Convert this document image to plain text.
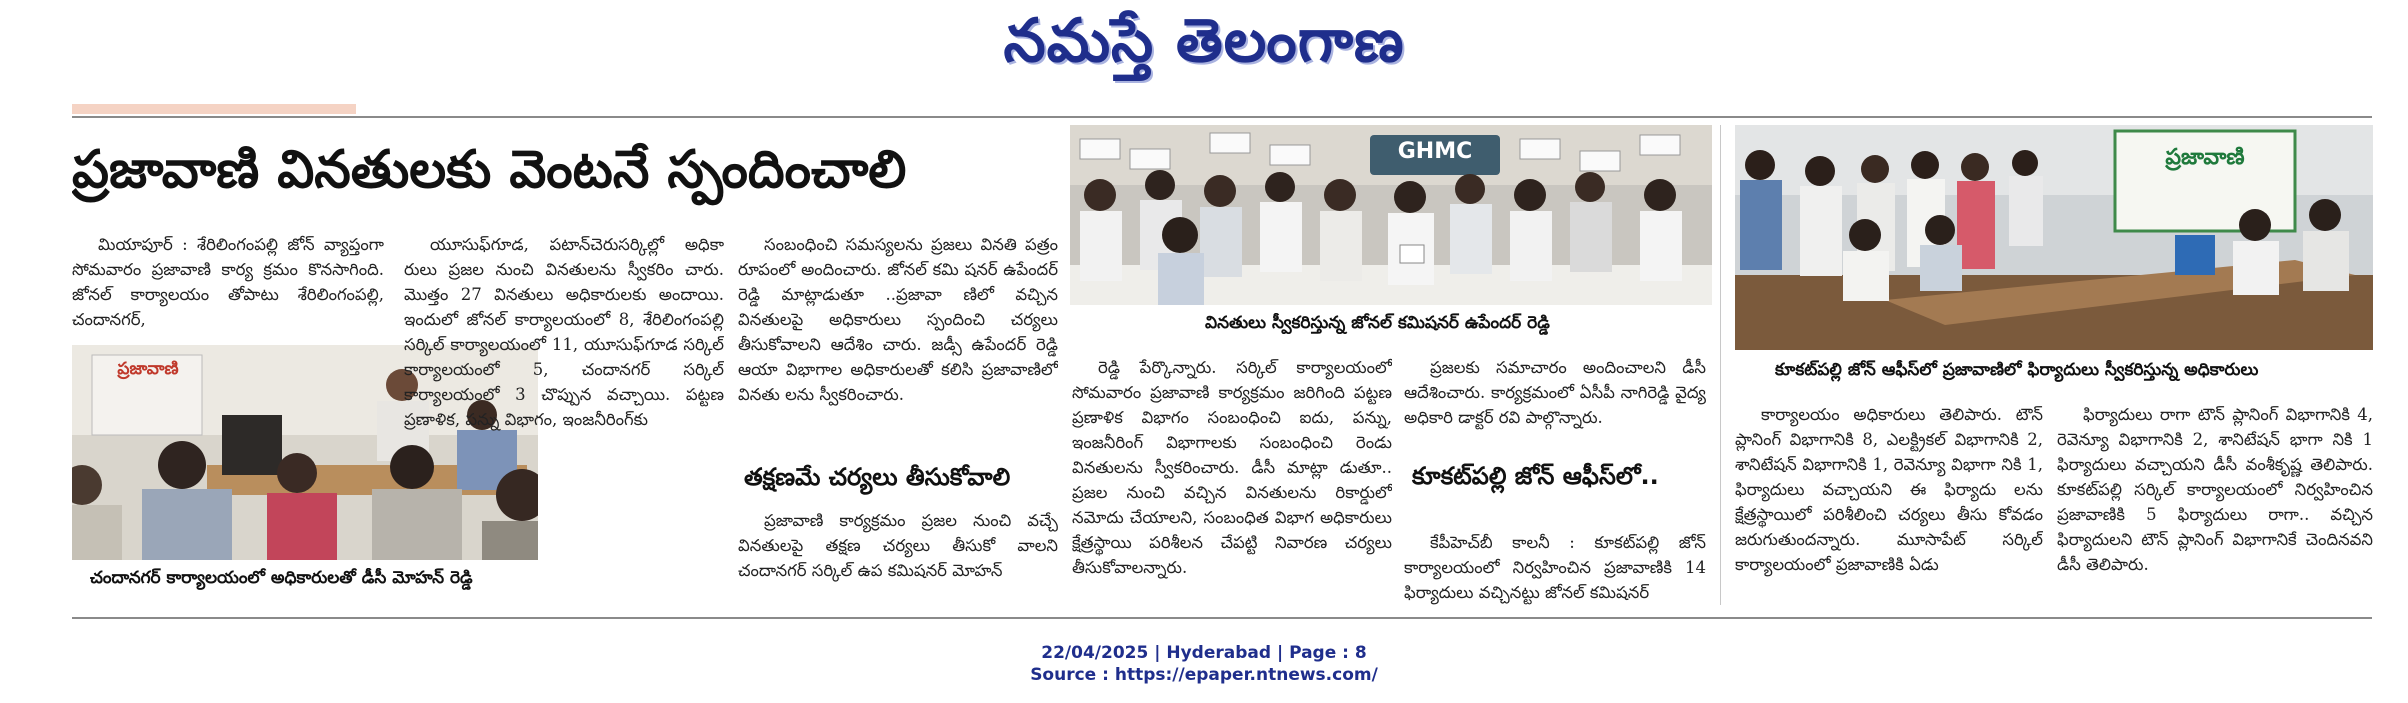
నమస్తే తెలంగాణ
ప్రజావాణి వినతులకు వెంటనే స్పందించాలి

మియాపూర్ : శేరిలింగంపల్లి జోన్ వ్యాప్తంగా సోమవారం ప్రజావాణి కార్య క్రమం కొనసాగింది. జోనల్ కార్యాలయం తోపాటు శేరిలింగంపల్లి, చందానగర్,

ప్రజావాణి
చందానగర్ కార్యాలయంలో అధికారులతో డీసీ మోహన్ రెడ్డి

యూసుఫ్‌గూడ, పటాన్‌చెరుసర్కిల్లో అధికా రులు ప్రజల నుంచి వినతులను స్వీకరిం చారు. మొత్తం 27 వినతులు అధికారులకు అందాయి. ఇందులో జోనల్ కార్యాలయంలో 8, శేరిలింగంపల్లి సర్కిల్ కార్యాలయంలో 11, యూసుఫ్‌గూడ సర్కిల్ కార్యాలయంలో 5, చందానగర్ సర్కిల్ కార్యాలయంలో 3 చొప్పున వచ్చాయి. పట్టణ ప్రణాళిక, పన్ను విభాగం, ఇంజనీరింగ్‌కు

సంబంధించి సమస్యలను ప్రజలు వినతి పత్రం రూపంలో అందించారు. జోనల్ కమి షనర్ ఉపేందర్ రెడ్డి మాట్లాడుతూ ..ప్రజావా ణిలో వచ్చిన వినతులపై అధికారులు స్పందించి చర్యలు తీసుకోవాలని ఆదేశిం చారు. జడ్సీ ఉపేందర్ రెడ్డి ఆయా విభాగాల అధికారులతో కలిసి ప్రజావాణిలో వినతు లను స్వీకరించారు.

తక్షణమే చర్యలు తీసుకోవాలి

ప్రజావాణి కార్యక్రమం ప్రజల నుంచి వచ్చే వినతులపై తక్షణ చర్యలు తీసుకో వాలని చందానగర్ సర్కిల్ ఉప కమిషనర్ మోహన్

GHMC
వినతులు స్వీకరిస్తున్న జోనల్ కమిషనర్ ఉపేందర్ రెడ్డి

రెడ్డి పేర్కొన్నారు. సర్కిల్ కార్యాలయంలో సోమవారం ప్రజావాణి కార్యక్రమం జరిగింది పట్టణ ప్రణాళిక విభాగం సంబంధించి ఐదు, పన్ను, ఇంజనీరింగ్ విభాగాలకు సంబంధించి రెండు వినతులను స్వీకరించారు. డీసీ మాట్లా డుతూ.. ప్రజల నుంచి వచ్చిన వినతులను రికార్డులో నమోదు చేయాలని, సంబంధిత విభాగ అధికారులు క్షేత్రస్థాయి పరిశీలన చేపట్టి నివారణ చర్యలు తీసుకోవాలన్నారు.

ప్రజలకు సమాచారం అందించాలని డీసీ ఆదేశించారు. కార్యక్రమంలో ఏసీపీ నాగిరెడ్డి వైద్య అధికారి డాక్టర్ రవి పాల్గొన్నారు.

కూకట్‌పల్లి జోన్ ఆఫీస్‌లో..

కేపీహెచ్‌బీ కాలనీ : కూకట్‌పల్లి జోన్ కార్యాలయంలో నిర్వహించిన ప్రజావాణికి 14 ఫిర్యాదులు వచ్చినట్టు జోనల్ కమిషనర్

ప్రజావాణి
కూకట్‌పల్లి జోన్ ఆఫీస్‌లో ప్రజావాణిలో ఫిర్యాదులు స్వీకరిస్తున్న అధికారులు

కార్యాలయం అధికారులు తెలిపారు. టౌన్ ప్లానింగ్ విభాగానికి 8, ఎలక్ట్రికల్ విభాగానికి 2, శానిటేషన్ విభాగానికి 1, రెవెన్యూ విభాగా నికి 1, ఫిర్యాదులు వచ్చాయని ఈ ఫిర్యాదు లను క్షేత్రస్థాయిలో పరిశీలించి చర్యలు తీసు కోవడం జరుగుతుందన్నారు. మూసాపేట్ సర్కిల్ కార్యాలయంలో ప్రజావాణికి ఏడు

ఫిర్యాదులు రాగా టౌన్ ప్లానింగ్ విభాగానికి 4, రెవెన్యూ విభాగానికి 2, శానిటేషన్ భాగా నికి 1 ఫిర్యాదులు వచ్చాయని డీసీ వంశీకృష్ణ తెలిపారు. కూకట్‌పల్లి సర్కిల్ కార్యాలయంలో నిర్వహించిన ప్రజావాణికి 5 ఫిర్యాదులు రాగా.. వచ్చిన ఫిర్యాదులని టౌన్ ప్లానింగ్ విభాగానికే చెందినవని డీసీ తెలిపారు.

22/04/2025 | Hyderabad | Page : 8
Source : https://epaper.ntnews.com/
